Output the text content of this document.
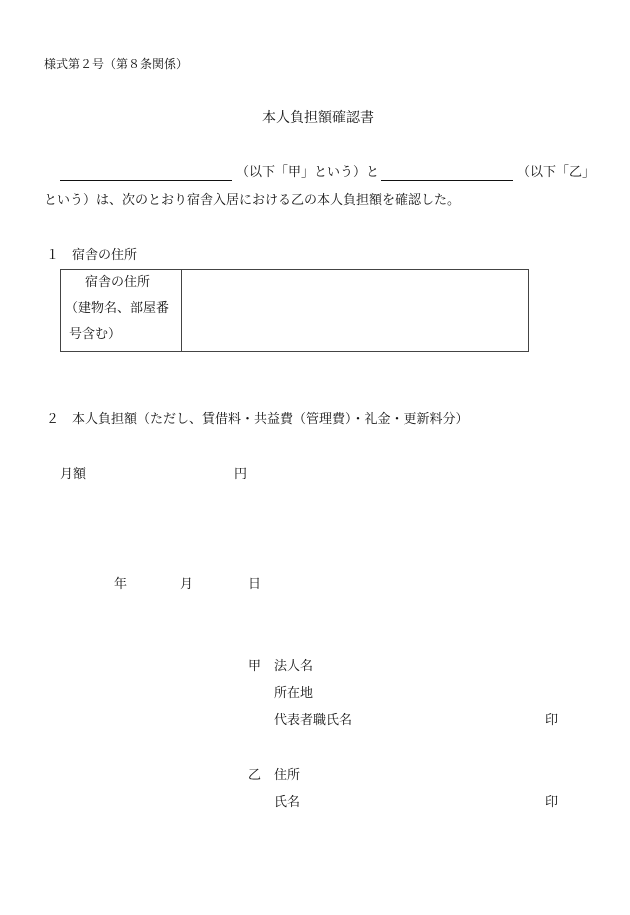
様式第２号（第８条関係）
本人負担額確認書
（以下「甲」という）と	（以下「乙」
という）は、次のとおり宿舎入居における乙の本人負担額を確認した。
１　宿舎の住所
宿舎の住所
（建物名、部屋番
号含む）

２　本人負担額（ただし、賃借料・共益費（管理費）・礼金・更新料分）
月額	円
年	月	日
甲 法人名
所在地
代表者職氏名	印
乙 住所
氏名	印
